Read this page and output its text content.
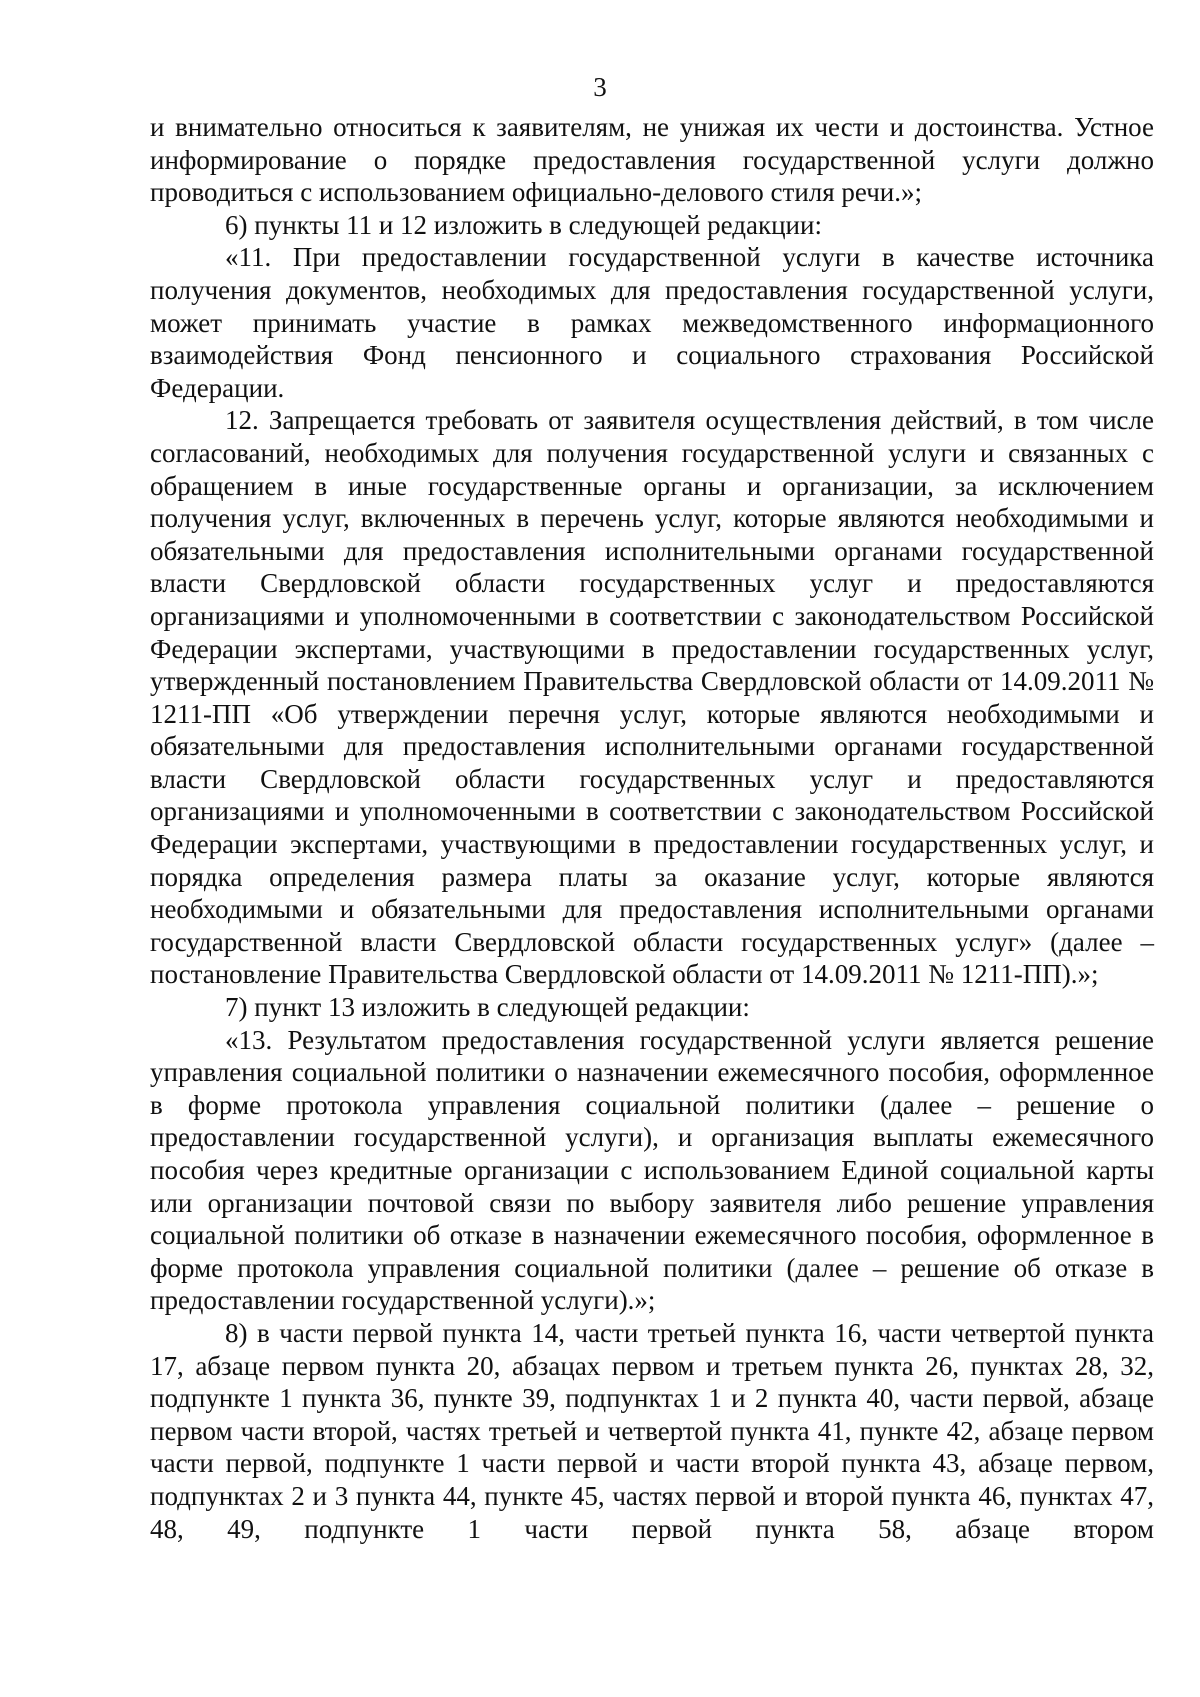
3

и внимательно относиться к заявителям, не унижая их чести и достоинства. Устное информирование о порядке предоставления государственной услуги должно проводиться с использованием официально-делового стиля речи.»;

6) пункты 11 и 12 изложить в следующей редакции:

«11. При предоставлении государственной услуги в качестве источника получения документов, необходимых для предоставления государственной услуги, может принимать участие в рамках межведомственного информационного взаимодействия Фонд пенсионного и социального страхования Российской Федерации.

12. Запрещается требовать от заявителя осуществления действий, в том числе согласований, необходимых для получения государственной услуги и связанных с обращением в иные государственные органы и организации, за исключением получения услуг, включенных в перечень услуг, которые являются необходимыми и обязательными для предоставления исполнительными органами государственной власти Свердловской области государственных услуг и предоставляются организациями и уполномоченными в соответствии с законодательством Российской Федерации экспертами, участвующими в предоставлении государственных услуг, утвержденный постановлением Правительства Свердловской области от 14.09.2011 № 1211-ПП «Об утверждении перечня услуг, которые являются необходимыми и обязательными для предоставления исполнительными органами государственной власти Свердловской области государственных услуг и предоставляются организациями и уполномоченными в соответствии с законодательством Российской Федерации экспертами, участвующими в предоставлении государственных услуг, и порядка определения размера платы за оказание услуг, которые являются необходимыми и обязательными для предоставления исполнительными органами государственной власти Свердловской области государственных услуг» (далее – постановление Правительства Свердловской области от 14.09.2011 № 1211-ПП).»;

7) пункт 13 изложить в следующей редакции:

«13. Результатом предоставления государственной услуги является решение управления социальной политики о назначении ежемесячного пособия, оформленное в форме протокола управления социальной политики (далее – решение о предоставлении государственной услуги), и организация выплаты ежемесячного пособия через кредитные организации с использованием Единой социальной карты или организации почтовой связи по выбору заявителя либо решение управления социальной политики об отказе в назначении ежемесячного пособия, оформленное в форме протокола управления социальной политики (далее – решение об отказе в предоставлении государственной услуги).»;

8) в части первой пункта 14, части третьей пункта 16, части четвертой пункта 17, абзаце первом пункта 20, абзацах первом и третьем пункта 26, пунктах 28, 32, подпункте 1 пункта 36, пункте 39, подпунктах 1 и 2 пункта 40, части первой, абзаце первом части второй, частях третьей и четвертой пункта 41, пункте 42, абзаце первом части первой, подпункте 1 части первой и части второй пункта 43, абзаце первом, подпунктах 2 и 3 пункта 44, пункте 45, частях первой и второй пункта 46, пунктах 47, 48, 49, подпункте 1 части первой пункта 58, абзаце втором
